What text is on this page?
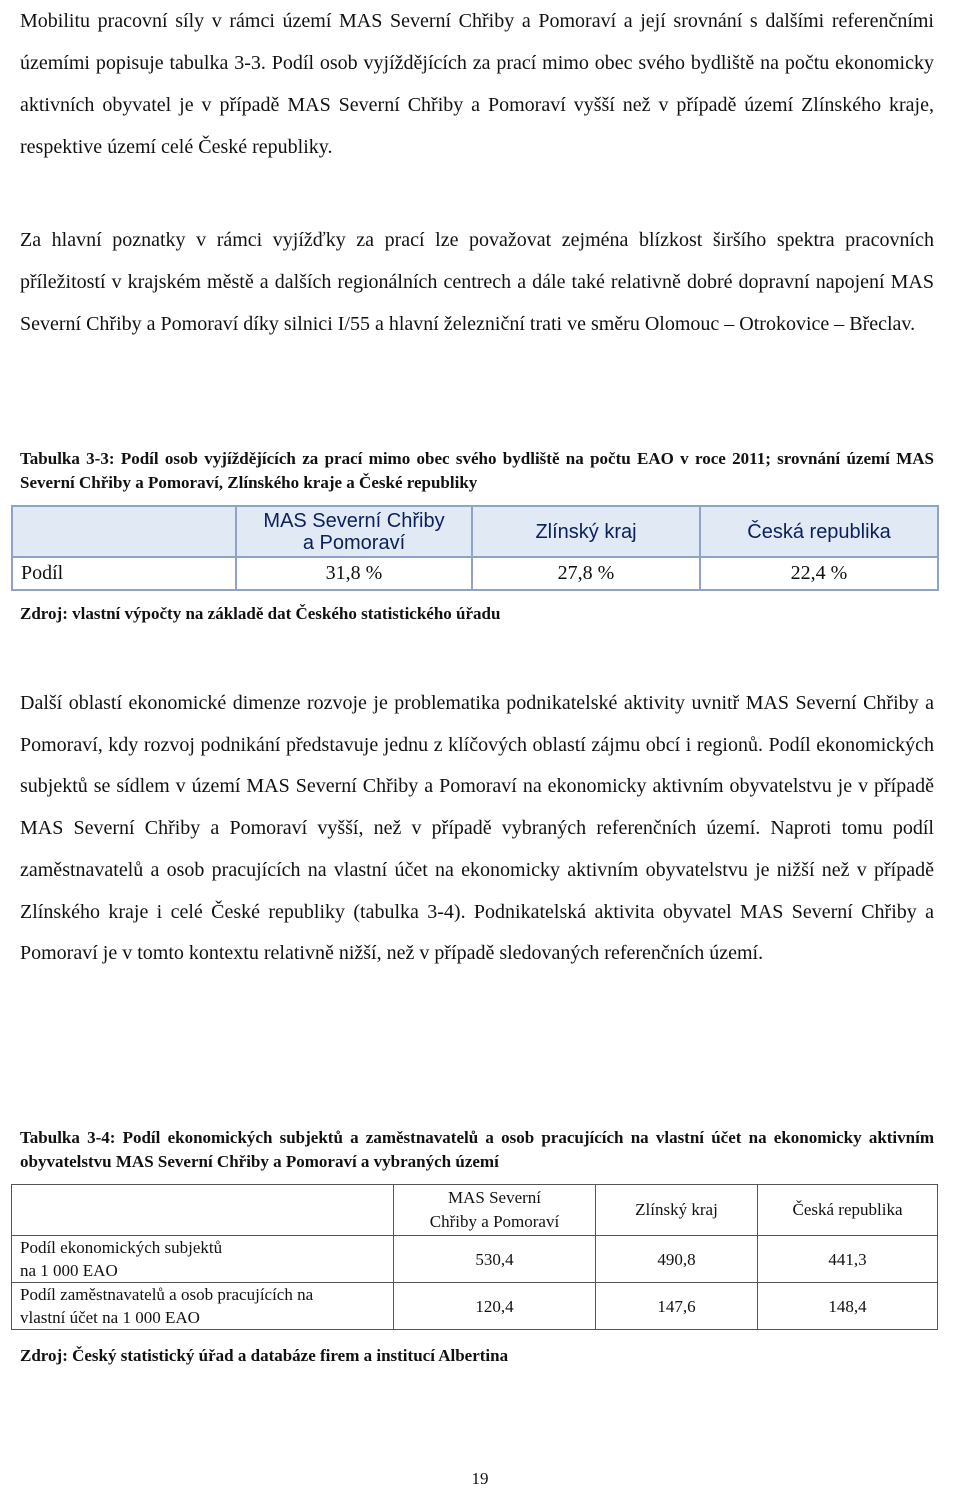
Mobilitu pracovní síly v rámci území MAS Severní Chřiby a Pomoraví a její srovnání s dalšími referenčními územími popisuje tabulka 3-3. Podíl osob vyjíždějících za prací mimo obec svého bydliště na počtu ekonomicky aktivních obyvatel je v případě MAS Severní Chřiby a Pomoraví vyšší než v případě území Zlínského kraje, respektive území celé České republiky.

Za hlavní poznatky v rámci vyjížďky za prací lze považovat zejména blízkost širšího spektra pracovních příležitostí v krajském městě a dalších regionálních centrech a dále také relativně dobré dopravní napojení MAS Severní Chřiby a Pomoraví díky silnici I/55 a hlavní železniční trati ve směru Olomouc – Otrokovice – Břeclav.

Tabulka 3-3: Podíl osob vyjíždějících za prací mimo obec svého bydliště na počtu EAO v roce 2011; srovnání území MAS Severní Chřiby a Pomoraví, Zlínského kraje a České republiky

	MAS Severní Chřiby
a Pomoraví	Zlínský kraj	Česká republika
Podíl	31,8 %	27,8 %	22,4 %

Zdroj: vlastní výpočty na základě dat Českého statistického úřadu

Další oblastí ekonomické dimenze rozvoje je problematika podnikatelské aktivity uvnitř MAS Severní Chřiby a Pomoraví, kdy rozvoj podnikání představuje jednu z klíčových oblastí zájmu obcí i regionů. Podíl ekonomických subjektů se sídlem v území MAS Severní Chřiby a Pomoraví na ekonomicky aktivním obyvatelstvu je v případě MAS Severní Chřiby a Pomoraví vyšší, než v případě vybraných referenčních území. Naproti tomu podíl zaměstnavatelů a osob pracujících na vlastní účet na ekonomicky aktivním obyvatelstvu je nižší než v případě Zlínského kraje i celé České republiky (tabulka 3-4). Podnikatelská aktivita obyvatel MAS Severní Chřiby a Pomoraví je v tomto kontextu relativně nižší, než v případě sledovaných referenčních území.

Tabulka 3-4: Podíl ekonomických subjektů a zaměstnavatelů a osob pracujících na vlastní účet na ekonomicky aktivním obyvatelstvu MAS Severní Chřiby a Pomoraví a vybraných území

	MAS Severní
Chřiby a Pomoraví	Zlínský kraj	Česká republika
Podíl ekonomických subjektů
na 1 000 EAO	530,4	490,8	441,3
Podíl zaměstnavatelů a osob pracujících na
vlastní účet na 1 000 EAO	120,4	147,6	148,4

Zdroj: Český statistický úřad a databáze firem a institucí Albertina

19
